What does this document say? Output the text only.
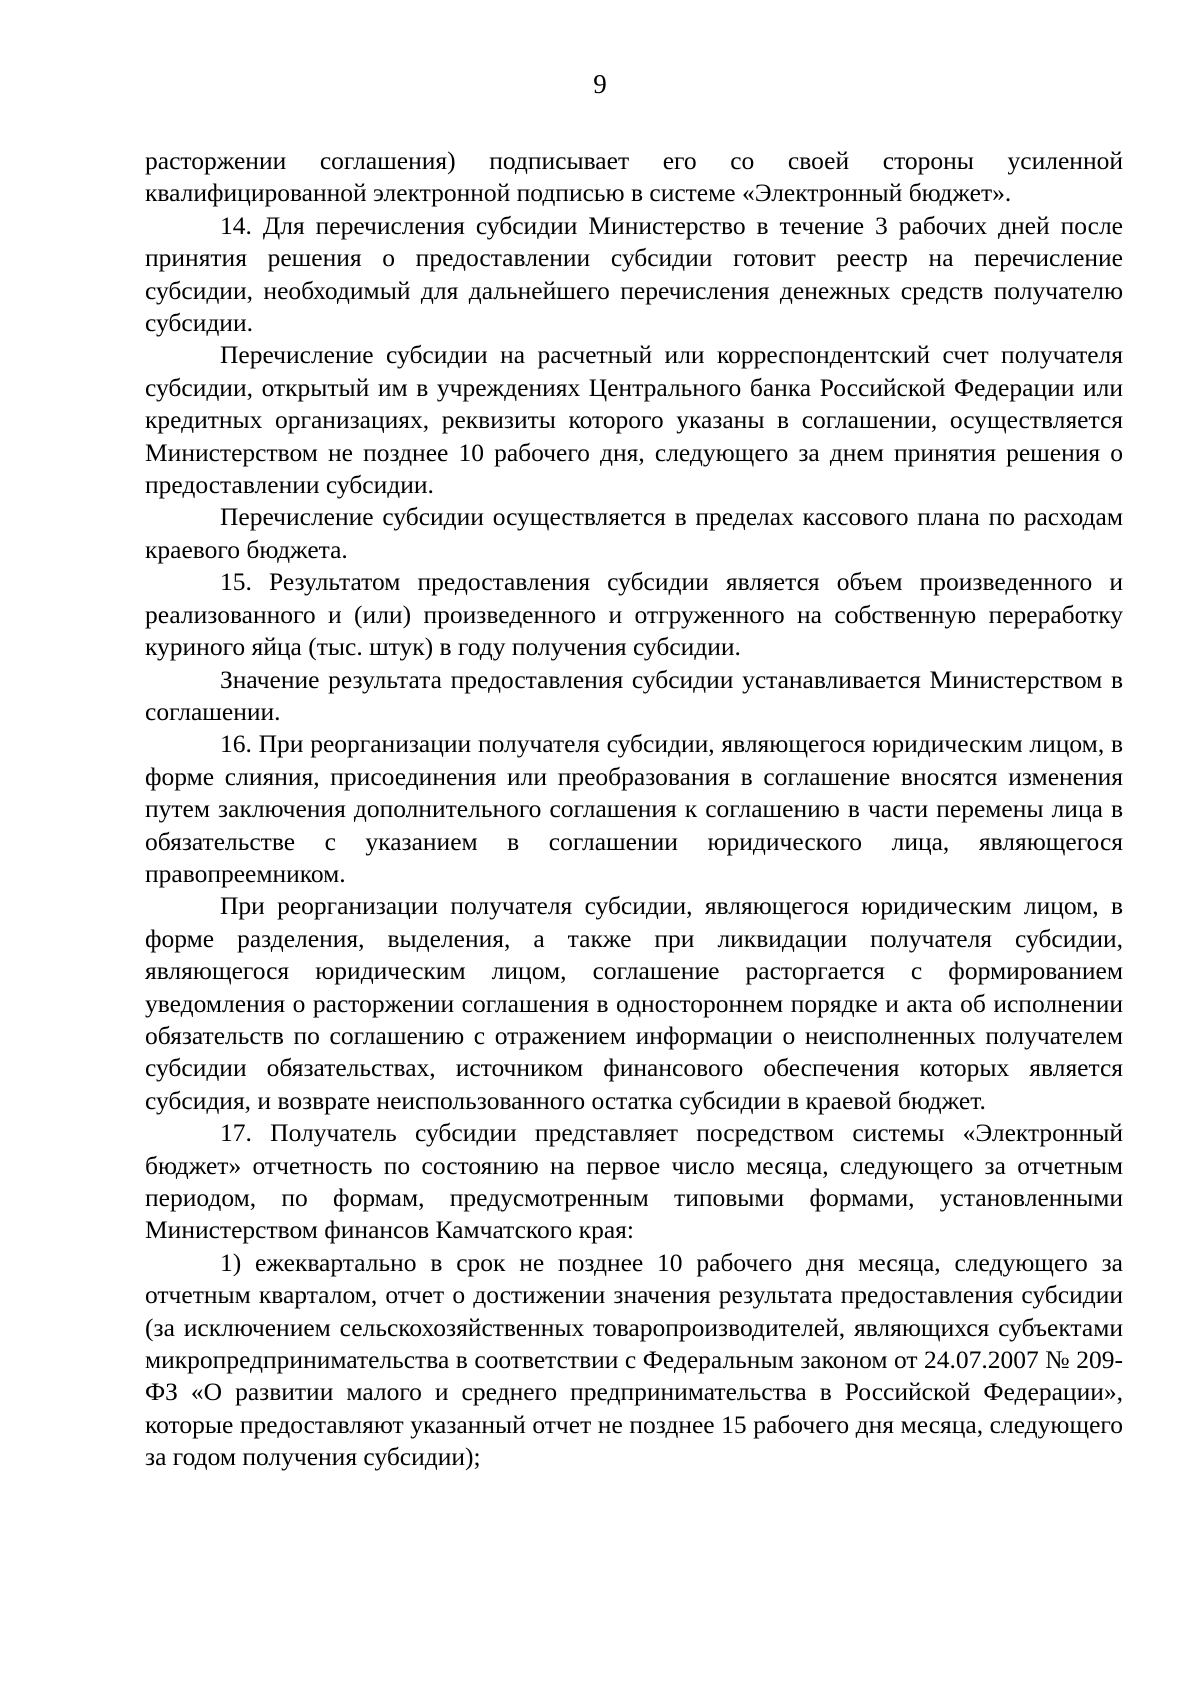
9

расторжении соглашения) подписывает его со своей стороны усиленной квалифицированной электронной подписью в системе «Электронный бюджет».

14. Для перечисления субсидии Министерство в течение 3 рабочих дней после принятия решения о предоставлении субсидии готовит реестр на перечисление субсидии, необходимый для дальнейшего перечисления денежных средств получателю субсидии.

Перечисление субсидии на расчетный или корреспондентский счет получателя субсидии, открытый им в учреждениях Центрального банка Российской Федерации или кредитных организациях, реквизиты которого указаны в соглашении, осуществляется Министерством не позднее 10 рабочего дня, следующего за днем принятия решения о предоставлении субсидии.

Перечисление субсидии осуществляется в пределах кассового плана по расходам краевого бюджета.

15. Результатом предоставления субсидии является объем произведенного и реализованного и (или) произведенного и отгруженного на собственную переработку куриного яйца (тыс. штук) в году получения субсидии.

Значение результата предоставления субсидии устанавливается Министерством в соглашении.

16. При реорганизации получателя субсидии, являющегося юридическим лицом, в форме слияния, присоединения или преобразования в соглашение вносятся изменения путем заключения дополнительного соглашения к соглашению в части перемены лица в обязательстве с указанием в соглашении юридического лица, являющегося правопреемником.

При реорганизации получателя субсидии, являющегося юридическим лицом, в форме разделения, выделения, а также при ликвидации получателя субсидии, являющегося юридическим лицом, соглашение расторгается с формированием уведомления о расторжении соглашения в одностороннем порядке и акта об исполнении обязательств по соглашению с отражением информации о неисполненных получателем субсидии обязательствах, источником финансового обеспечения которых является субсидия, и возврате неиспользованного остатка субсидии в краевой бюджет.

17. Получатель субсидии представляет посредством системы «Электронный бюджет» отчетность по состоянию на первое число месяца, следующего за отчетным периодом, по формам, предусмотренным типовыми формами, установленными Министерством финансов Камчатского края:

1) ежеквартально в срок не позднее 10 рабочего дня месяца, следующего за отчетным кварталом, отчет о достижении значения результата предоставления субсидии (за исключением сельскохозяйственных товаропроизводителей, являющихся субъектами микропредпринимательства в соответствии с Федеральным законом от 24.07.2007 № 209-ФЗ «О развитии малого и среднего предпринимательства в Российской Федерации», которые предоставляют указанный отчет не позднее 15 рабочего дня месяца, следующего за годом получения субсидии);
